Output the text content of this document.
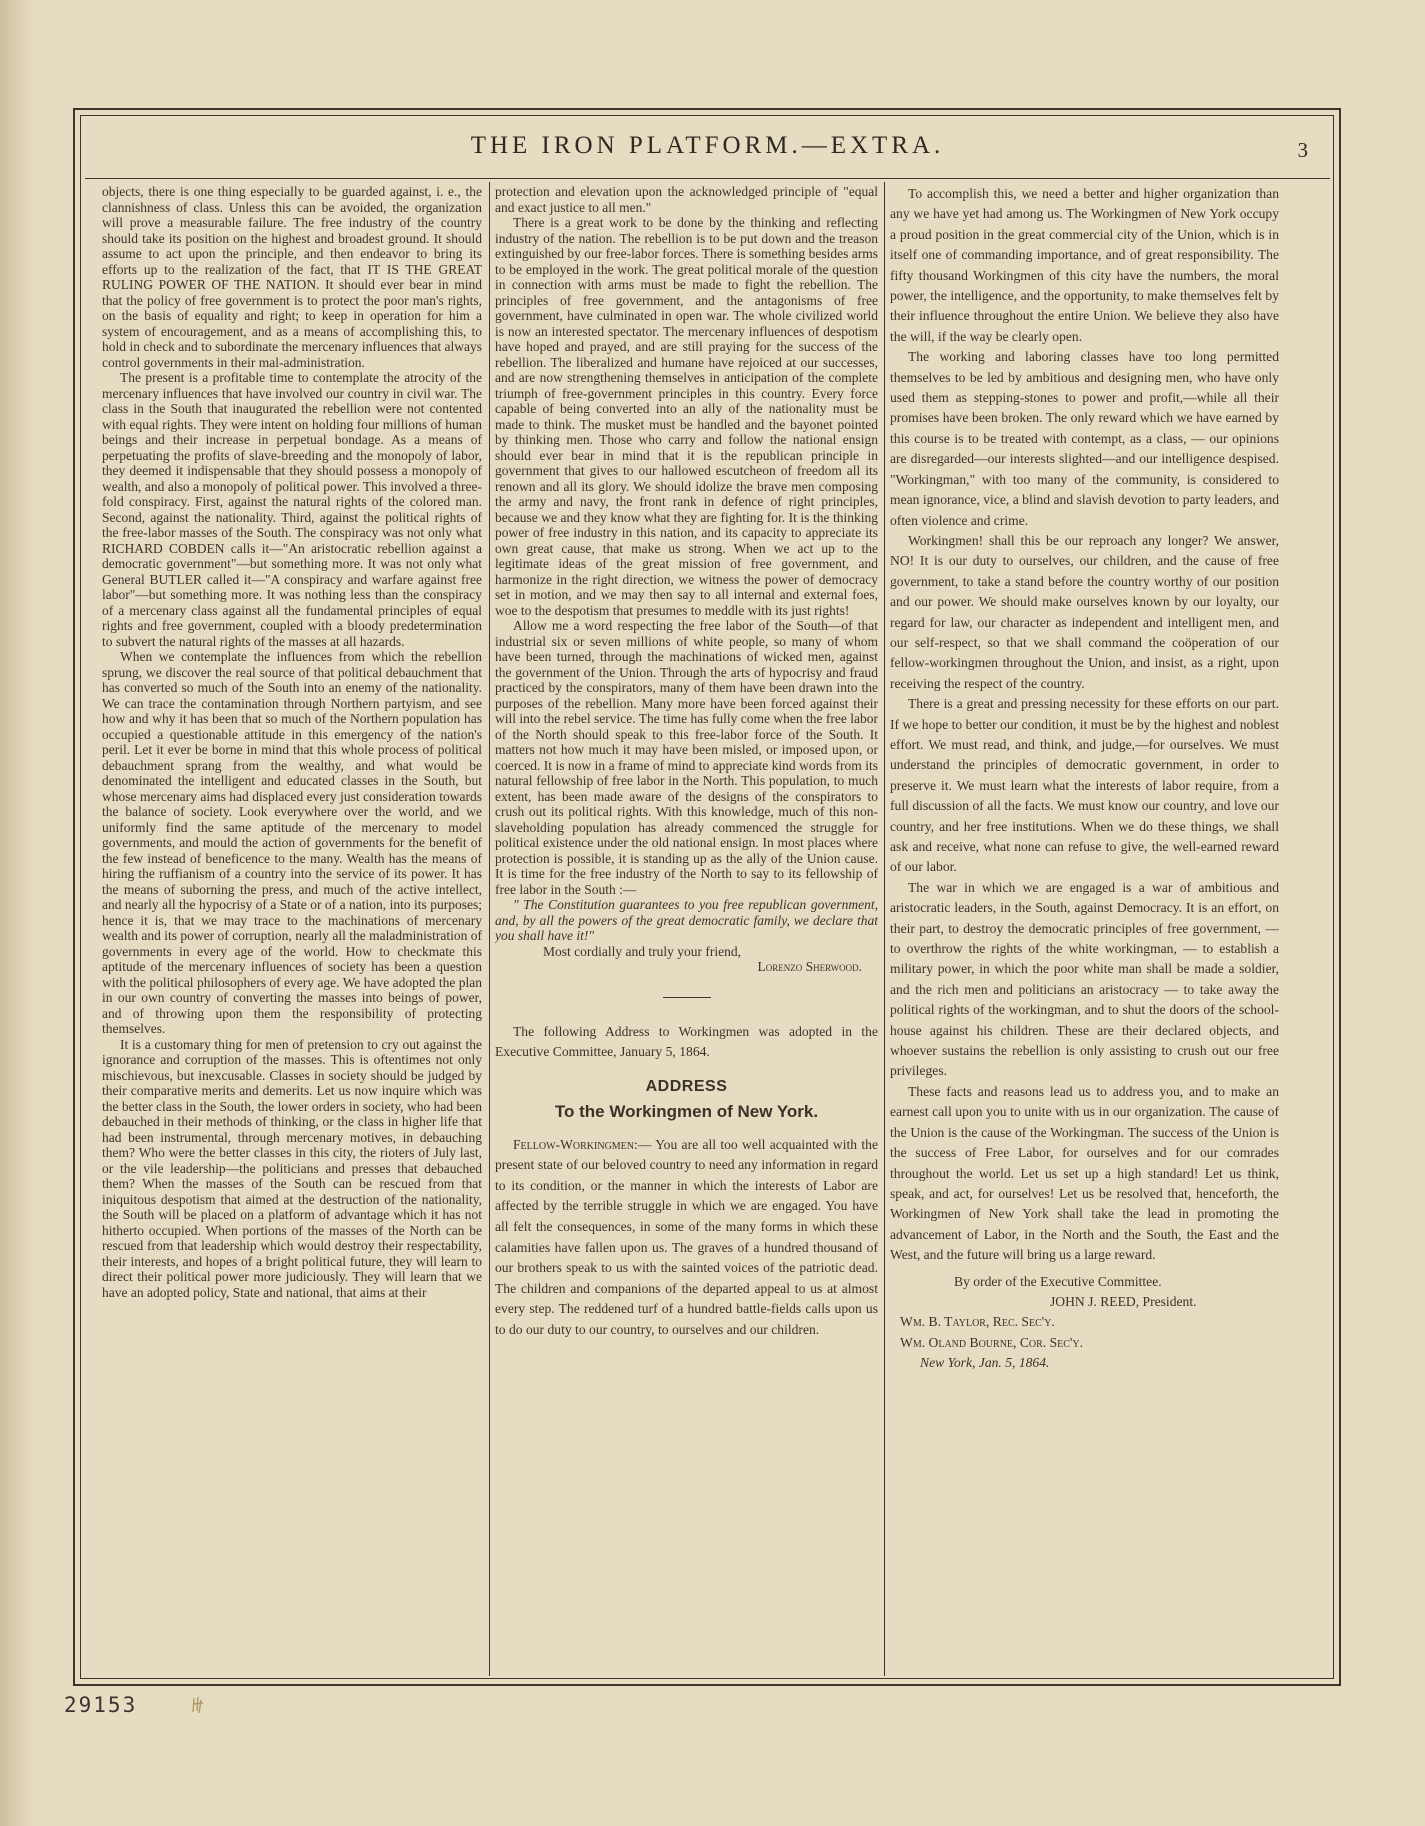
THE IRON PLATFORM.—EXTRA.	3

objects, there is one thing especially to be guarded against, i. e., the clannishness of class. Unless this can be avoided, the organization will prove a measurable failure. The free industry of the country should take its position on the highest and broadest ground. It should assume to act upon the principle, and then endeavor to bring its efforts up to the realization of the fact, that IT IS THE GREAT RULING POWER OF THE NATION. It should ever bear in mind that the policy of free government is to protect the poor man's rights, on the basis of equality and right; to keep in operation for him a system of encouragement, and as a means of accomplishing this, to hold in check and to subordinate the mercenary influences that always control governments in their mal-administration.

The present is a profitable time to contemplate the atrocity of the mercenary influences that have involved our country in civil war. The class in the South that inaugurated the rebellion were not contented with equal rights. They were intent on holding four millions of human beings and their increase in perpetual bondage. As a means of perpetuating the profits of slave-breeding and the monopoly of labor, they deemed it indispensable that they should possess a monopoly of wealth, and also a monopoly of political power. This involved a three-fold conspiracy. First, against the natural rights of the colored man. Second, against the nationality. Third, against the political rights of the free-labor masses of the South. The conspiracy was not only what RICHARD COBDEN calls it—"An aristocratic rebellion against a democratic government"—but something more. It was not only what General BUTLER called it—"A conspiracy and warfare against free labor"—but something more. It was nothing less than the conspiracy of a mercenary class against all the fundamental principles of equal rights and free government, coupled with a bloody predetermination to subvert the natural rights of the masses at all hazards.

When we contemplate the influences from which the rebellion sprung, we discover the real source of that political debauchment that has converted so much of the South into an enemy of the nationality. We can trace the contamination through Northern partyism, and see how and why it has been that so much of the Northern population has occupied a questionable attitude in this emergency of the nation's peril. Let it ever be borne in mind that this whole process of political debauchment sprang from the wealthy, and what would be denominated the intelligent and educated classes in the South, but whose mercenary aims had displaced every just consideration towards the balance of society. Look everywhere over the world, and we uniformly find the same aptitude of the mercenary to model governments, and mould the action of governments for the benefit of the few instead of beneficence to the many. Wealth has the means of hiring the ruffianism of a country into the service of its power. It has the means of suborning the press, and much of the active intellect, and nearly all the hypocrisy of a State or of a nation, into its purposes; hence it is, that we may trace to the machinations of mercenary wealth and its power of corruption, nearly all the maladministration of governments in every age of the world. How to checkmate this aptitude of the mercenary influences of society has been a question with the political philosophers of every age. We have adopted the plan in our own country of converting the masses into beings of power, and of throwing upon them the responsibility of protecting themselves.

It is a customary thing for men of pretension to cry out against the ignorance and corruption of the masses. This is oftentimes not only mischievous, but inexcusable. Classes in society should be judged by their comparative merits and demerits. Let us now inquire which was the better class in the South, the lower orders in society, who had been debauched in their methods of thinking, or the class in higher life that had been instrumental, through mercenary motives, in debauching them? Who were the better classes in this city, the rioters of July last, or the vile leadership—the politicians and presses that debauched them? When the masses of the South can be rescued from that iniquitous despotism that aimed at the destruction of the nationality, the South will be placed on a platform of advantage which it has not hitherto occupied. When portions of the masses of the North can be rescued from that leadership which would destroy their respectability, their interests, and hopes of a bright political future, they will learn to direct their political power more judiciously. They will learn that we have an adopted policy, State and national, that aims at their

protection and elevation upon the acknowledged principle of "equal and exact justice to all men."

There is a great work to be done by the thinking and reflecting industry of the nation. The rebellion is to be put down and the treason extinguished by our free-labor forces. There is something besides arms to be employed in the work. The great political morale of the question in connection with arms must be made to fight the rebellion. The principles of free government, and the antagonisms of free government, have culminated in open war. The whole civilized world is now an interested spectator. The mercenary influences of despotism have hoped and prayed, and are still praying for the success of the rebellion. The liberalized and humane have rejoiced at our successes, and are now strengthening themselves in anticipation of the complete triumph of free-government principles in this country. Every force capable of being converted into an ally of the nationality must be made to think. The musket must be handled and the bayonet pointed by thinking men. Those who carry and follow the national ensign should ever bear in mind that it is the republican principle in government that gives to our hallowed escutcheon of freedom all its renown and all its glory. We should idolize the brave men composing the army and navy, the front rank in defence of right principles, because we and they know what they are fighting for. It is the thinking power of free industry in this nation, and its capacity to appreciate its own great cause, that make us strong. When we act up to the legitimate ideas of the great mission of free government, and harmonize in the right direction, we witness the power of democracy set in motion, and we may then say to all internal and external foes, woe to the despotism that presumes to meddle with its just rights!

Allow me a word respecting the free labor of the South—of that industrial six or seven millions of white people, so many of whom have been turned, through the machinations of wicked men, against the government of the Union. Through the arts of hypocrisy and fraud practiced by the conspirators, many of them have been drawn into the purposes of the rebellion. Many more have been forced against their will into the rebel service. The time has fully come when the free labor of the North should speak to this free-labor force of the South. It matters not how much it may have been misled, or imposed upon, or coerced. It is now in a frame of mind to appreciate kind words from its natural fellowship of free labor in the North. This population, to much extent, has been made aware of the designs of the conspirators to crush out its political rights. With this knowledge, much of this non-slaveholding population has already commenced the struggle for political existence under the old national ensign. In most places where protection is possible, it is standing up as the ally of the Union cause. It is time for the free industry of the North to say to its fellowship of free labor in the South :—

" The Constitution guarantees to you free republican government, and, by all the powers of the great democratic family, we declare that you shall have it!"

Most cordially and truly your friend,

Lorenzo Sherwood.

The following Address to Workingmen was adopted in the Executive Committee, January 5, 1864.

ADDRESS

To the Workingmen of New York.

Fellow-Workingmen:— You are all too well acquainted with the present state of our beloved country to need any information in regard to its condition, or the manner in which the interests of Labor are affected by the terrible struggle in which we are engaged. You have all felt the consequences, in some of the many forms in which these calamities have fallen upon us. The graves of a hundred thousand of our brothers speak to us with the sainted voices of the patriotic dead. The children and companions of the departed appeal to us at almost every step. The reddened turf of a hundred battle-fields calls upon us to do our duty to our country, to ourselves and our children.

To accomplish this, we need a better and higher organization than any we have yet had among us. The Workingmen of New York occupy a proud position in the great commercial city of the Union, which is in itself one of commanding importance, and of great responsibility. The fifty thousand Workingmen of this city have the numbers, the moral power, the intelligence, and the opportunity, to make themselves felt by their influence throughout the entire Union. We believe they also have the will, if the way be clearly open.

The working and laboring classes have too long permitted themselves to be led by ambitious and designing men, who have only used them as stepping-stones to power and profit,—while all their promises have been broken. The only reward which we have earned by this course is to be treated with contempt, as a class, — our opinions are disregarded—our interests slighted—and our intelligence despised. "Workingman," with too many of the community, is considered to mean ignorance, vice, a blind and slavish devotion to party leaders, and often violence and crime.

Workingmen! shall this be our reproach any longer? We answer, NO! It is our duty to ourselves, our children, and the cause of free government, to take a stand before the country worthy of our position and our power. We should make ourselves known by our loyalty, our regard for law, our character as independent and intelligent men, and our self-respect, so that we shall command the coöperation of our fellow-workingmen throughout the Union, and insist, as a right, upon receiving the respect of the country.

There is a great and pressing necessity for these efforts on our part. If we hope to better our condition, it must be by the highest and noblest effort. We must read, and think, and judge,—for ourselves. We must understand the principles of democratic government, in order to preserve it. We must learn what the interests of labor require, from a full discussion of all the facts. We must know our country, and love our country, and her free institutions. When we do these things, we shall ask and receive, what none can refuse to give, the well-earned reward of our labor.

The war in which we are engaged is a war of ambitious and aristocratic leaders, in the South, against Democracy. It is an effort, on their part, to destroy the democratic principles of free government, — to overthrow the rights of the white workingman, — to establish a military power, in which the poor white man shall be made a soldier, and the rich men and politicians an aristocracy — to take away the political rights of the workingman, and to shut the doors of the school-house against his children. These are their declared objects, and whoever sustains the rebellion is only assisting to crush out our free privileges.

These facts and reasons lead us to address you, and to make an earnest call upon you to unite with us in our organization. The cause of the Union is the cause of the Workingman. The success of the Union is the success of Free Labor, for ourselves and for our comrades throughout the world. Let us set up a high standard! Let us think, speak, and act, for ourselves! Let us be resolved that, henceforth, the Workingmen of New York shall take the lead in promoting the advancement of Labor, in the North and the South, the East and the West, and the future will bring us a large reward.

By order of the Executive Committee.

JOHN J. REED, President.

Wm. B. Taylor, Rec. Sec'y.

Wm. Oland Bourne, Cor. Sec'y.

New York, Jan. 5, 1864.

29153
